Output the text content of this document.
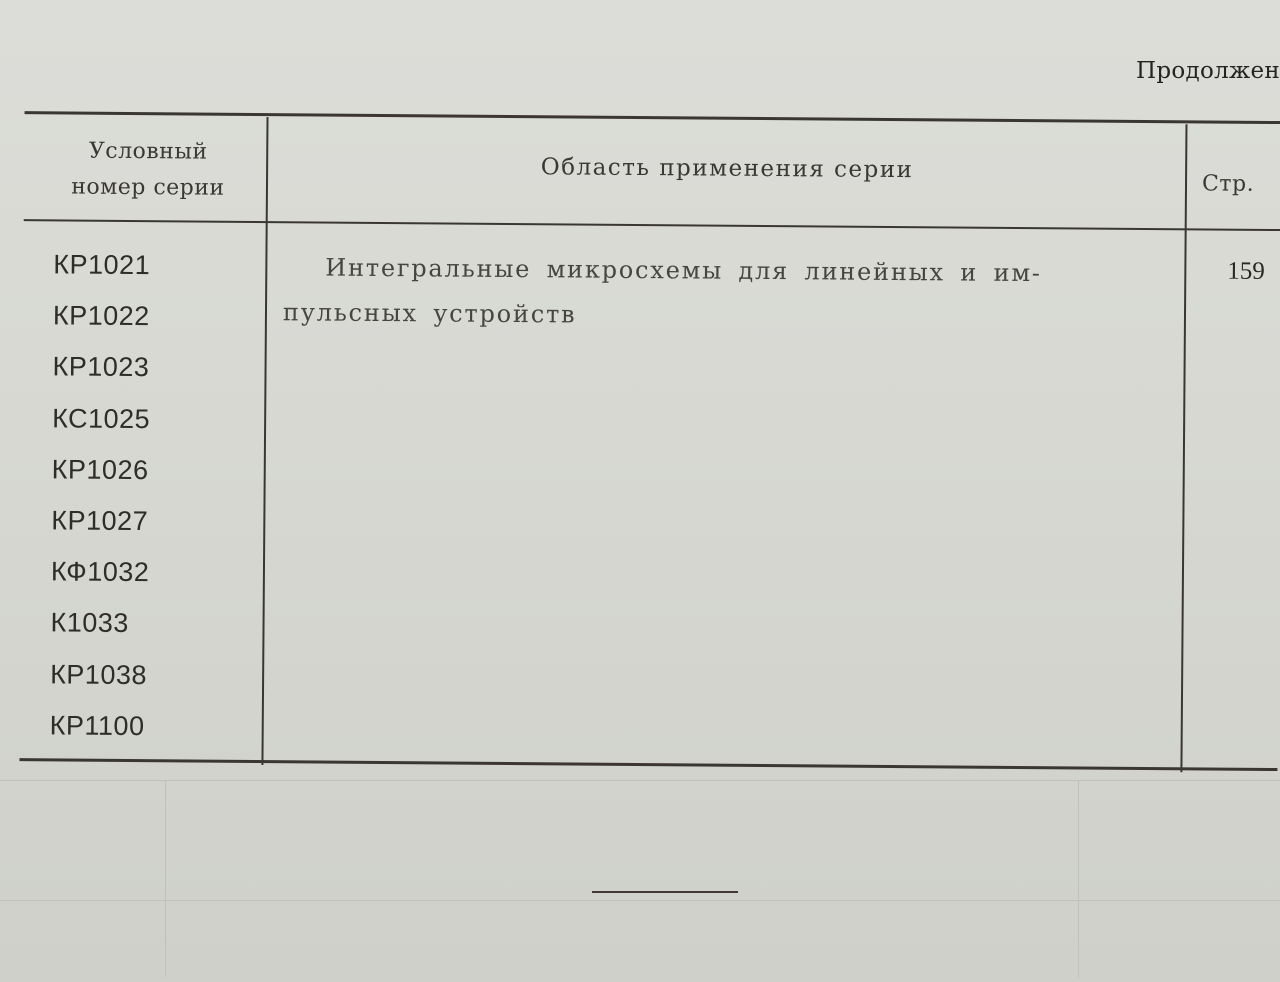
Продолжен
Условный
номер серии
Область применения серии
Стр.
КР1021
КР1022
КР1023
КС1025
КР1026
КР1027
КФ1032
К1033
КР1038
КР1100
Интегральные микросхемы для линейных и им-
пульсных устройств
159
